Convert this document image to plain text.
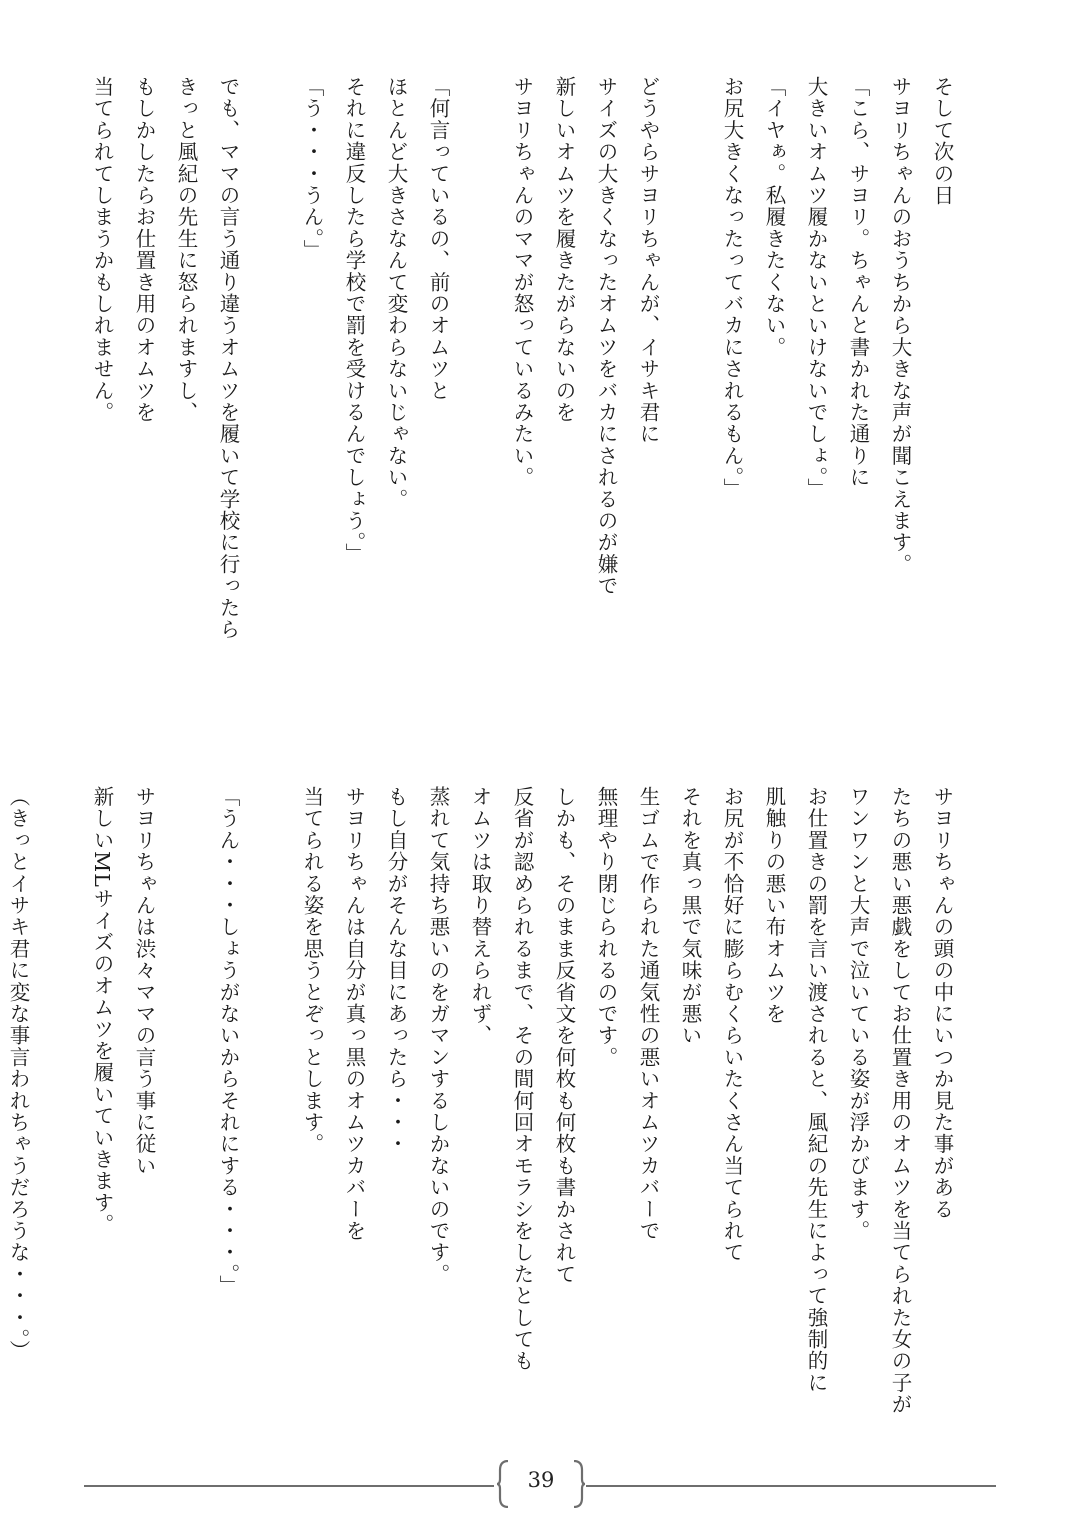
そして次の日

サヨリちゃんのおうちから大きな声が聞こえます。

「こら、サヨリ。ちゃんと書かれた通りに

大きいオムツ履かないといけないでしょ。」

「イヤぁ。私履きたくない。

お尻大きくなったってバカにされるもん。」

どうやらサヨリちゃんが、イサキ君に

サイズの大きくなったオムツをバカにされるのが嫌で

新しいオムツを履きたがらないのを

サヨリちゃんのママが怒っているみたい。

「何言っているの、前のオムツと

ほとんど大きさなんて変わらないじゃない。

それに違反したら学校で罰を受けるんでしょう。」

「う・・・うん。」

でも、ママの言う通り違うオムツを履いて学校に行ったら

きっと風紀の先生に怒られますし、

もしかしたらお仕置き用のオムツを

当てられてしまうかもしれません。

サヨリちゃんの頭の中にいつか見た事がある

たちの悪い悪戯をしてお仕置き用のオムツを当てられた女の子が

ワンワンと大声で泣いている姿が浮かびます。

お仕置きの罰を言い渡されると、風紀の先生によって強制的に

肌触りの悪い布オムツを

お尻が不恰好に膨らむくらいたくさん当てられて

それを真っ黒で気味が悪い

生ゴムで作られた通気性の悪いオムツカバーで

無理やり閉じられるのです。

しかも、そのまま反省文を何枚も何枚も書かされて

反省が認められるまで、その間何回オモラシをしたとしても

オムツは取り替えられず、

蒸れて気持ち悪いのをガマンするしかないのです。

もし自分がそんな目にあったら・・・

サヨリちゃんは自分が真っ黒のオムツカバーを

当てられる姿を思うとぞっとします。

「うん・・・しょうがないからそれにする・・・。」

サヨリちゃんは渋々ママの言う事に従い

新しいMLサイズのオムツを履いていきます。

（きっとイサキ君に変な事言われちゃうだろうな・・・。）

39
